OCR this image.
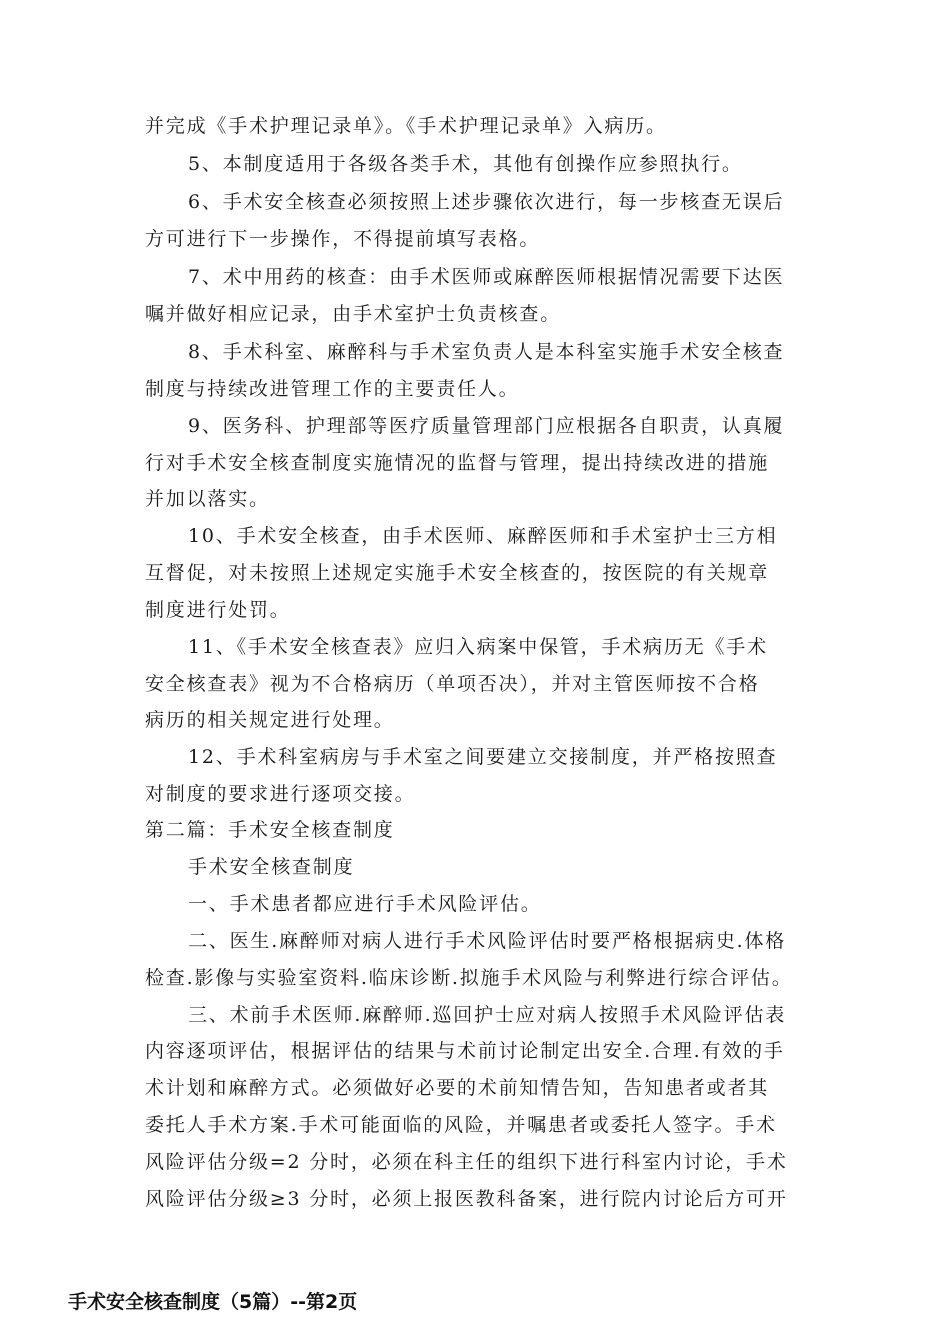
并完成《手术护理记录单》。《手术护理记录单》入病历。
5、本制度适用于各级各类手术，其他有创操作应参照执行。
6、手术安全核查必须按照上述步骤依次进行，每一步核查无误后
方可进行下一步操作，不得提前填写表格。
7、术中用药的核查：由手术医师或麻醉医师根据情况需要下达医
嘱并做好相应记录，由手术室护士负责核查。
8、手术科室、麻醉科与手术室负责人是本科室实施手术安全核查
制度与持续改进管理工作的主要责任人。
9、医务科、护理部等医疗质量管理部门应根据各自职责，认真履
行对手术安全核查制度实施情况的监督与管理，提出持续改进的措施
并加以落实。
10、手术安全核查，由手术医师、麻醉医师和手术室护士三方相
互督促，对未按照上述规定实施手术安全核查的，按医院的有关规章
制度进行处罚。
11、《手术安全核查表》应归入病案中保管，手术病历无《手术
安全核查表》视为不合格病历（单项否决），并对主管医师按不合格
病历的相关规定进行处理。
12、手术科室病房与手术室之间要建立交接制度，并严格按照查
对制度的要求进行逐项交接。
第二篇：手术安全核查制度
手术安全核查制度
一、手术患者都应进行手术风险评估。
二、医生.麻醉师对病人进行手术风险评估时要严格根据病史.体格
检查.影像与实验室资料.临床诊断.拟施手术风险与利弊进行综合评估。
三、术前手术医师.麻醉师.巡回护士应对病人按照手术风险评估表
内容逐项评估，根据评估的结果与术前讨论制定出安全.合理.有效的手
术计划和麻醉方式。必须做好必要的术前知情告知，告知患者或者其
委托人手术方案.手术可能面临的风险，并嘱患者或委托人签字。手术
风险评估分级=2 分时，必须在科主任的组织下进行科室内讨论，手术
风险评估分级≥3 分时，必须上报医教科备案，进行院内讨论后方可开
手术安全核查制度（5篇）--第2页
